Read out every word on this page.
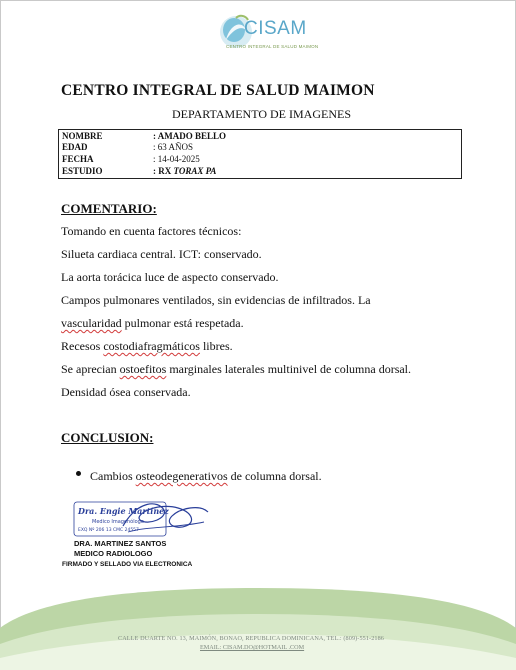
CISAM
CENTRO INTEGRAL DE SALUD MAIMON
CENTRO INTEGRAL DE SALUD MAIMON
DEPARTAMENTO DE IMAGENES
NOMBRE	: AMADO BELLO
EDAD	: 63 AÑOS
FECHA	: 14-04-2025
ESTUDIO	: RX TORAX PA
COMENTARIO:
Tomando en cuenta factores técnicos:
Silueta cardiaca central. ICT: conservado.
La aorta torácica luce de aspecto conservado.
Campos pulmonares ventilados, sin evidencias de infiltrados. La
vascularidad pulmonar está respetada.
Recesos costodiafragmáticos libres.
Se aprecian ostoefitos marginales laterales multinivel de columna dorsal.
Densidad ósea conservada.
CONCLUSION:
Cambios osteodegenerativos de columna dorsal.
Dra. Engie Martinez
Medico Imagenólogo
EXQ Nº 206 13 CMC 24557
DRA. MARTINEZ SANTOS
MEDICO RADIOLOGO
FIRMADO Y SELLADO VIA ELECTRONICA
CALLE DUARTE NO. 13, MAIMÓN, BONAO, REPUBLICA DOMINICANA, TEL.: (809)-551-2186
EMAIL: CISAM.DO@HOTMAIL .COM
